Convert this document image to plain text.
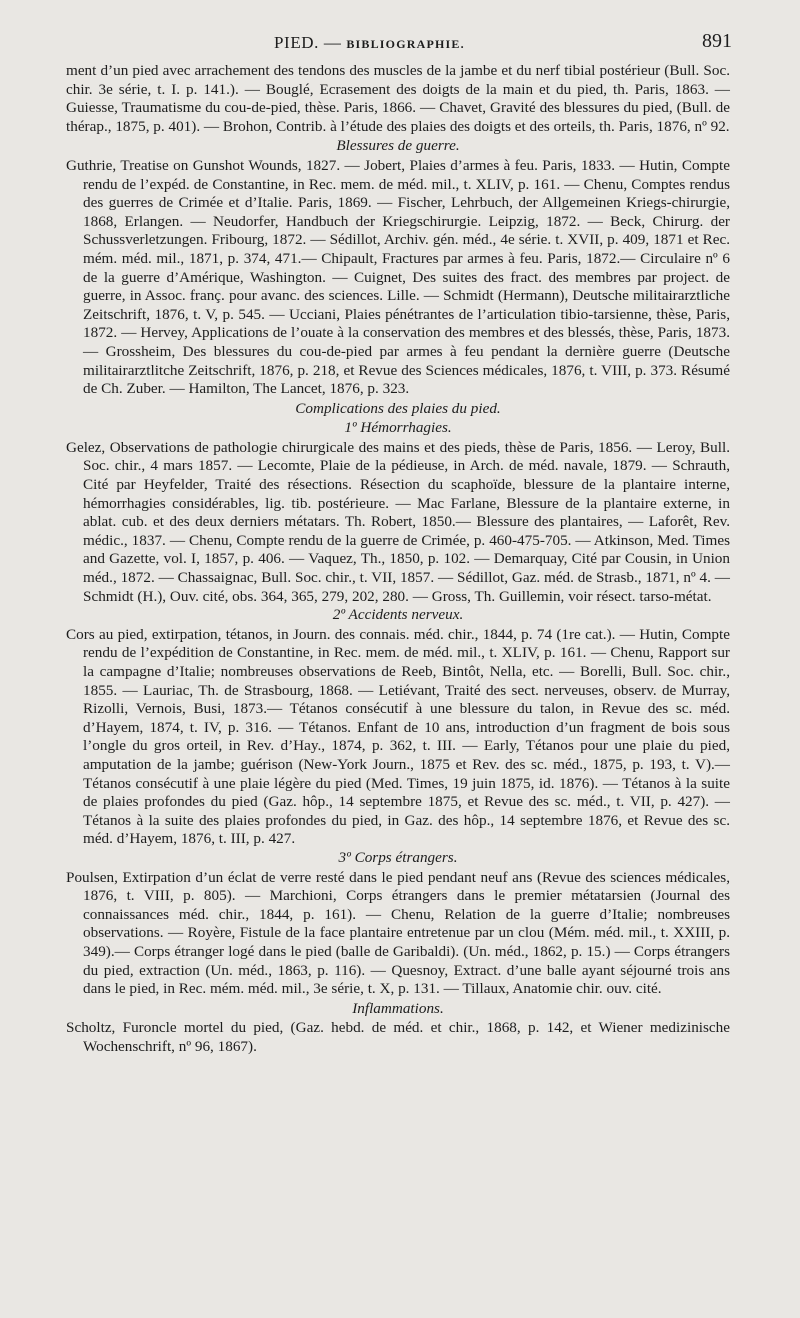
PIED. — BIBLIOGRAPHIE.	891

ment d’un pied avec arrachement des tendons des muscles de la jambe et du nerf tibial postérieur (Bull. Soc. chir. 3e série, t. I. p. 141.). — Bouglé, Ecrasement des doigts de la main et du pied, th. Paris, 1863. — Guiesse, Traumatisme du cou-de-pied, thèse. Paris, 1866. — Chavet, Gravité des blessures du pied, (Bull. de thérap., 1875, p. 401). — Brohon, Contrib. à l’étude des plaies des doigts et des orteils, th. Paris, 1876, nº 92.

Blessures de guerre.

Guthrie, Treatise on Gunshot Wounds, 1827. — Jobert, Plaies d’armes à feu. Paris, 1833. — Hutin, Compte rendu de l’expéd. de Constantine, in Rec. mem. de méd. mil., t. XLIV, p. 161. — Chenu, Comptes rendus des guerres de Crimée et d’Italie. Paris, 1869. — Fischer, Lehrbuch, der Allgemeinen Kriegs-chirurgie, 1868, Erlangen. — Neudorfer, Handbuch der Kriegschirurgie. Leipzig, 1872. — Beck, Chirurg. der Schussverletzungen. Fribourg, 1872. — Sédillot, Archiv. gén. méd., 4e série. t. XVII, p. 409, 1871 et Rec. mém. méd. mil., 1871, p. 374, 471.— Chipault, Fractures par armes à feu. Paris, 1872.— Circulaire nº 6 de la guerre d’Amérique, Washington. — Cuignet, Des suites des fract. des membres par project. de guerre, in Assoc. franç. pour avanc. des sciences. Lille. — Schmidt (Hermann), Deutsche militairarztliche Zeitschrift, 1876, t. V, p. 545. — Ucciani, Plaies pénétrantes de l’articulation tibio-tarsienne, thèse, Paris, 1872. — Hervey, Applications de l’ouate à la conservation des membres et des blessés, thèse, Paris, 1873. — Grossheim, Des blessures du cou-de-pied par armes à feu pendant la dernière guerre (Deutsche militairarztlitche Zeitschrift, 1876, p. 218, et Revue des Sciences médicales, 1876, t. VIII, p. 373. Résumé de Ch. Zuber. — Hamilton, The Lancet, 1876, p. 323.

Complications des plaies du pied.
1º Hémorrhagies.

Gelez, Observations de pathologie chirurgicale des mains et des pieds, thèse de Paris, 1856. — Leroy, Bull. Soc. chir., 4 mars 1857. — Lecomte, Plaie de la pédieuse, in Arch. de méd. navale, 1879. — Schrauth, Cité par Heyfelder, Traité des résections. Résection du scaphoïde, blessure de la plantaire interne, hémorrhagies considérables, lig. tib. postérieure. — Mac Farlane, Blessure de la plantaire externe, in ablat. cub. et des deux derniers métatars. Th. Robert, 1850.— Blessure des plantaires, — Laforêt, Rev. médic., 1837. — Chenu, Compte rendu de la guerre de Crimée, p. 460-475-705. — Atkinson, Med. Times and Gazette, vol. I, 1857, p. 406. — Vaquez, Th., 1850, p. 102. — Demarquay, Cité par Cousin, in Union méd., 1872. — Chassaignac, Bull. Soc. chir., t. VII, 1857. — Sédillot, Gaz. méd. de Strasb., 1871, nº 4. — Schmidt (H.), Ouv. cité, obs. 364, 365, 279, 202, 280. — Gross, Th. Guillemin, voir résect. tarso-métat.

2º Accidents nerveux.

Cors au pied, extirpation, tétanos, in Journ. des connais. méd. chir., 1844, p. 74 (1re cat.). — Hutin, Compte rendu de l’expédition de Constantine, in Rec. mem. de méd. mil., t. XLIV, p. 161. — Chenu, Rapport sur la campagne d’Italie; nombreuses observations de Reeb, Bintôt, Nella, etc. — Borelli, Bull. Soc. chir., 1855. — Lauriac, Th. de Strasbourg, 1868. — Letiévant, Traité des sect. nerveuses, observ. de Murray, Rizolli, Vernois, Busi, 1873.— Tétanos consécutif à une blessure du talon, in Revue des sc. méd. d’Hayem, 1874, t. IV, p. 316. — Tétanos. Enfant de 10 ans, introduction d’un fragment de bois sous l’ongle du gros orteil, in Rev. d’Hay., 1874, p. 362, t. III. — Early, Tétanos pour une plaie du pied, amputation de la jambe; guérison (New-York Journ., 1875 et Rev. des sc. méd., 1875, p. 193, t. V).— Tétanos consécutif à une plaie légère du pied (Med. Times, 19 juin 1875, id. 1876). — Tétanos à la suite de plaies profondes du pied (Gaz. hôp., 14 septembre 1875, et Revue des sc. méd., t. VII, p. 427). — Tétanos à la suite des plaies profondes du pied, in Gaz. des hôp., 14 septembre 1876, et Revue des sc. méd. d’Hayem, 1876, t. III, p. 427.

3º Corps étrangers.

Poulsen, Extirpation d’un éclat de verre resté dans le pied pendant neuf ans (Revue des sciences médicales, 1876, t. VIII, p. 805). — Marchioni, Corps étrangers dans le premier métatarsien (Journal des connaissances méd. chir., 1844, p. 161). — Chenu, Relation de la guerre d’Italie; nombreuses observations. — Royère, Fistule de la face plantaire entretenue par un clou (Mém. méd. mil., t. XXIII, p. 349).— Corps étranger logé dans le pied (balle de Garibaldi). (Un. méd., 1862, p. 15.) — Corps étrangers du pied, extraction (Un. méd., 1863, p. 116). — Quesnoy, Extract. d’une balle ayant séjourné trois ans dans le pied, in Rec. mém. méd. mil., 3e série, t. X, p. 131. — Tillaux, Anatomie chir. ouv. cité.

Inflammations.

Scholtz, Furoncle mortel du pied, (Gaz. hebd. de méd. et chir., 1868, p. 142, et Wiener medizinische Wochenschrift, nº 96, 1867).
